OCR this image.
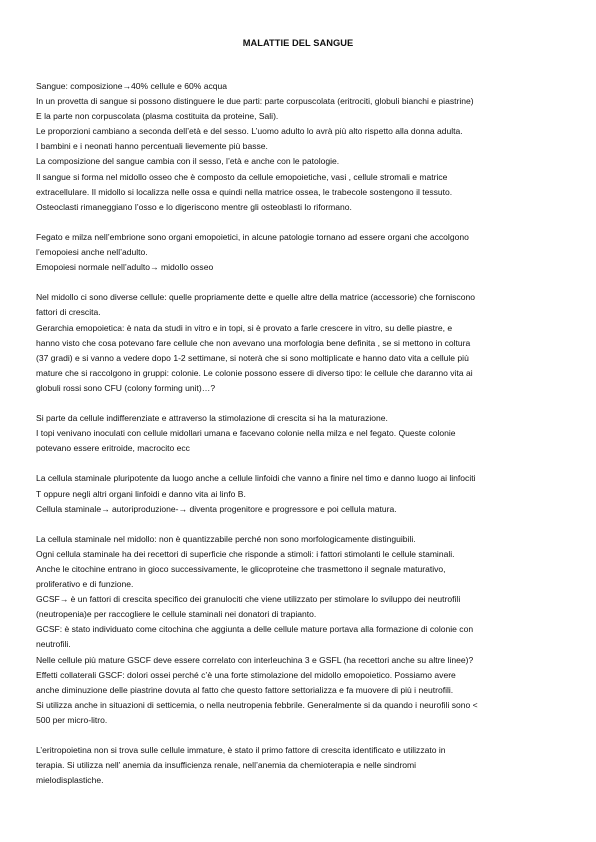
MALATTIE DEL SANGUE

Sangue: composizione→40% cellule e 60% acqua

In un provetta di sangue si possono distinguere le due parti: parte corpuscolata (eritrociti, globuli bianchi e piastrine)

E la parte non corpuscolata (plasma costituita da proteine, Sali).

Le proporzioni cambiano a seconda dell’età e del sesso. L’uomo adulto lo avrà più alto rispetto alla donna adulta.

I bambini e i neonati hanno percentuali lievemente più basse.

La composizione del sangue cambia con il sesso, l’età e anche con le patologie.

Il sangue si forma nel midollo osseo che è composto da cellule emopoietiche, vasi , cellule stromali e matrice

extracellulare. Il midollo si localizza nelle ossa e quindi nella matrice ossea, le trabecole sostengono il tessuto.

Osteoclasti rimaneggiano l’osso e lo digeriscono mentre gli osteoblasti lo riformano.

Fegato e milza nell’embrione sono organi emopoietici, in alcune patologie tornano ad essere organi che accolgono

l’emopoiesi anche nell’adulto.

Emopoiesi normale nell’adulto→ midollo osseo

Nel midollo ci sono diverse cellule: quelle propriamente dette e quelle altre della matrice (accessorie) che forniscono

fattori di crescita.

Gerarchia emopoietica: è nata da studi in vitro e in topi, si è provato a farle crescere in vitro, su delle piastre, e

hanno visto che cosa potevano fare cellule che non avevano una morfologia bene definita , se si mettono in coltura

(37 gradi) e si vanno a vedere dopo 1-2 settimane, si noterà che si sono moltiplicate e hanno dato vita a cellule più

mature che si raccolgono in gruppi: colonie. Le colonie possono essere di diverso tipo: le cellule che daranno vita ai

globuli rossi sono CFU (colony forming unit)…?

Si parte da cellule indifferenziate e attraverso la stimolazione di crescita si ha la maturazione.

I topi venivano inoculati con cellule midollari umana e facevano colonie nella milza e nel fegato. Queste colonie

potevano essere eritroide, macrocito ecc

La cellula staminale pluripotente da luogo anche a cellule linfoidi che vanno a finire nel timo e danno luogo ai linfociti

T oppure negli altri organi linfoidi e danno vita ai linfo B.

Cellula staminale→ autoriproduzione-→ diventa progenitore e progressore e poi cellula matura.

La cellula staminale nel midollo: non è quantizzabile perché non sono morfologicamente distinguibili.

Ogni cellula staminale ha dei recettori di superficie che risponde a stimoli: i fattori stimolanti le cellule staminali.

Anche le citochine entrano in gioco successivamente, le glicoproteine che trasmettono il segnale maturativo,

proliferativo e di funzione.

GCSF→ è un fattori di crescita specifico dei granulociti che viene utilizzato per stimolare lo sviluppo dei neutrofili

(neutropenia)e per raccogliere le cellule staminali nei donatori di trapianto.

GCSF: è stato individuato come citochina che aggiunta a delle cellule mature portava alla formazione di colonie con

neutrofili.

Nelle cellule più mature GSCF deve essere correlato con interleuchina 3 e GSFL (ha recettori anche su altre linee)?

Effetti collaterali GSCF: dolori ossei perché c’è una forte stimolazione del midollo emopoietico. Possiamo avere

anche diminuzione delle piastrine dovuta al fatto che questo fattore settorializza e fa muovere di più i neutrofili.

Si utilizza anche in situazioni di setticemia, o nella neutropenia febbrile. Generalmente si da quando i neurofili sono <

500 per micro-litro.

L’eritropoietina non si trova sulle cellule immature, è stato il primo fattore di crescita identificato e utilizzato in

terapia. Si utilizza nell’ anemia da insufficienza renale, nell’anemia da chemioterapia e nelle sindromi

mielodisplastiche.
